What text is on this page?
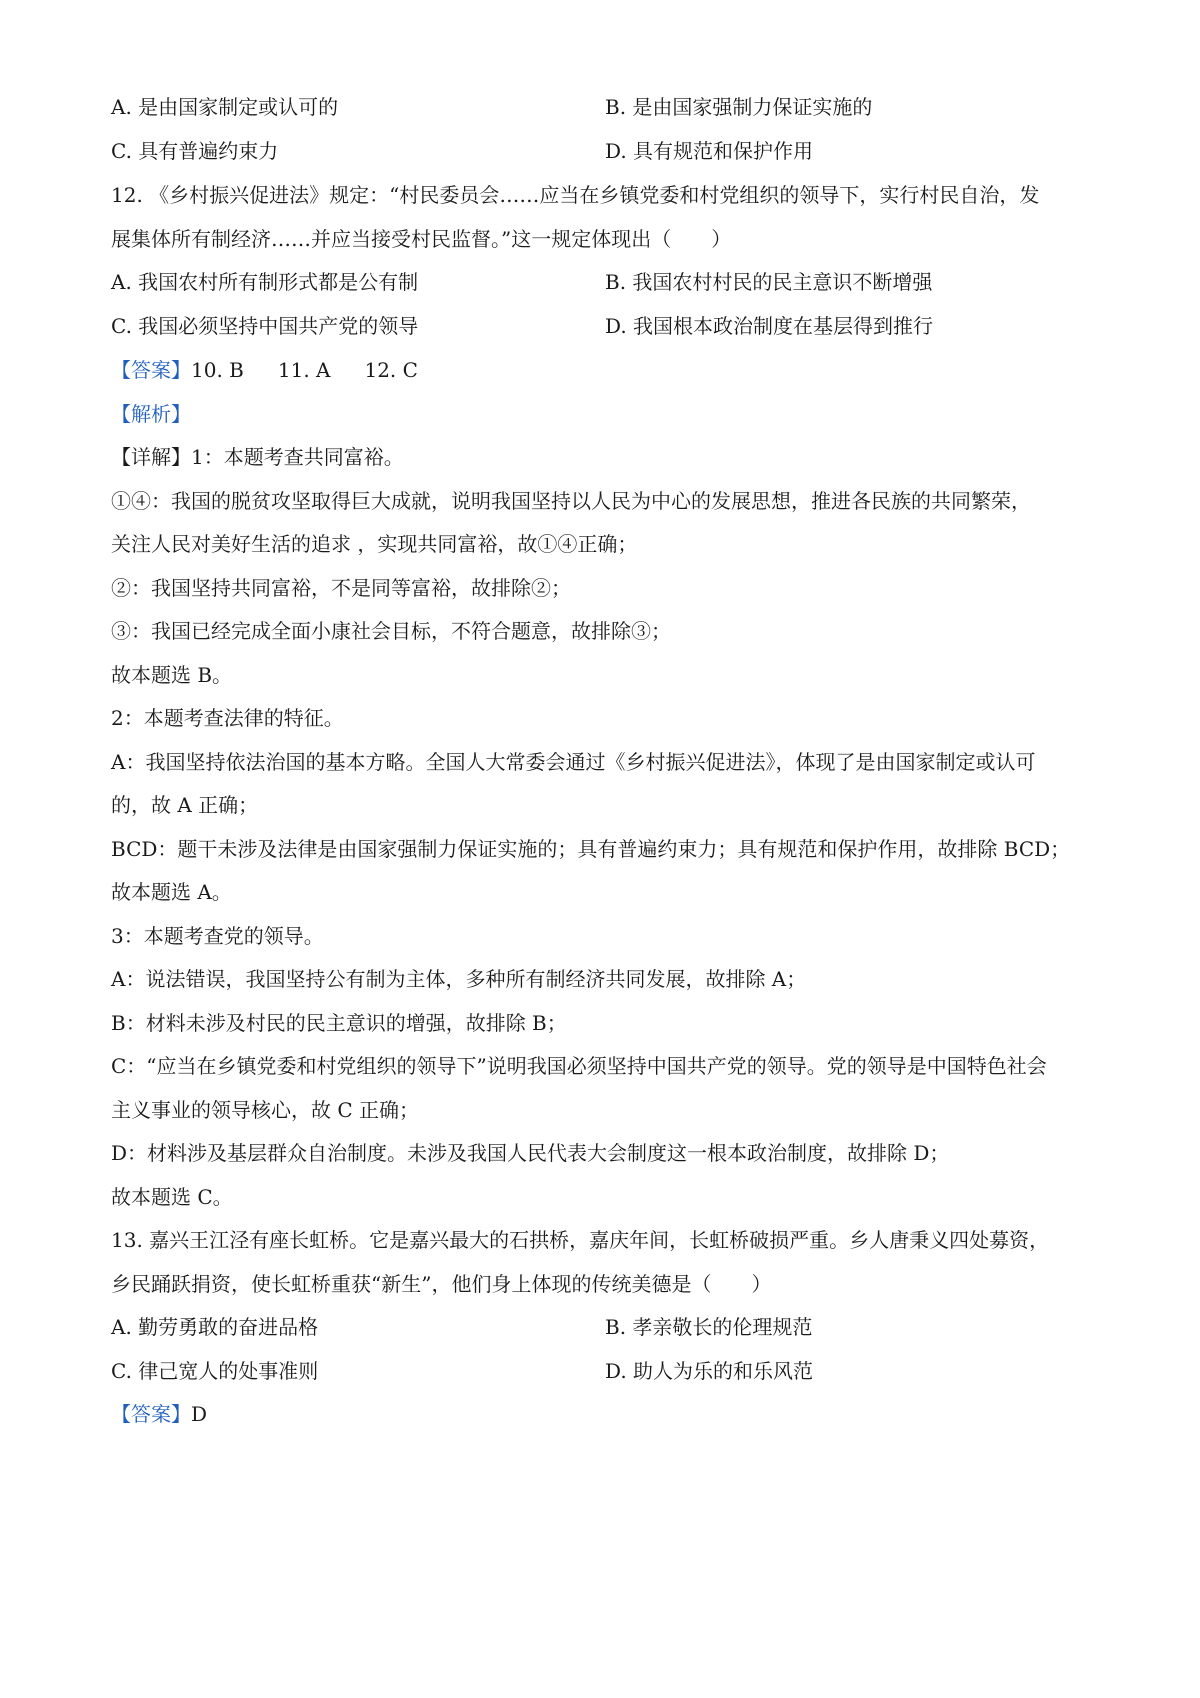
A. 是由国家制定或认可的	B. 是由国家强制力保证实施的
C. 具有普遍约束力	D. 具有规范和保护作用
12. 《乡村振兴促进法》规定：“村民委员会……应当在乡镇党委和村党组织的领导下，实行村民自治，发
展集体所有制经济……并应当接受村民监督。”这一规定体现出（　　）
A. 我国农村所有制形式都是公有制	B. 我国农村村民的民主意识不断增强
C. 我国必须坚持中国共产党的领导	D. 我国根本政治制度在基层得到推行
【答案】10. B 11. A 12. C
【解析】
【详解】1：本题考查共同富裕。
①④：我国的脱贫攻坚取得巨大成就，说明我国坚持以人民为中心的发展思想，推进各民族的共同繁荣，
关注人民对美好生活的追求 ，实现共同富裕，故①④正确；
②：我国坚持共同富裕，不是同等富裕，故排除②；
③：我国已经完成全面小康社会目标，不符合题意，故排除③；
故本题选 B。
2：本题考查法律的特征。
A：我国坚持依法治国的基本方略。全国人大常委会通过《乡村振兴促进法》，体现了是由国家制定或认可
的，故 A 正确；
BCD：题干未涉及法律是由国家强制力保证实施的；具有普遍约束力；具有规范和保护作用，故排除 BCD；
故本题选 A。
3：本题考查党的领导。
A：说法错误，我国坚持公有制为主体，多种所有制经济共同发展，故排除 A；
B：材料未涉及村民的民主意识的增强，故排除 B；
C：“应当在乡镇党委和村党组织的领导下”说明我国必须坚持中国共产党的领导。党的领导是中国特色社会
主义事业的领导核心，故 C 正确；
D：材料涉及基层群众自治制度。未涉及我国人民代表大会制度这一根本政治制度，故排除 D；
故本题选 C。
13. 嘉兴王江泾有座长虹桥。它是嘉兴最大的石拱桥，嘉庆年间，长虹桥破损严重。乡人唐秉义四处募资，
乡民踊跃捐资，使长虹桥重获“新生”，他们身上体现的传统美德是（　　）
A. 勤劳勇敢的奋进品格	B. 孝亲敬长的伦理规范
C. 律己宽人的处事准则	D. 助人为乐的和乐风范
【答案】D
